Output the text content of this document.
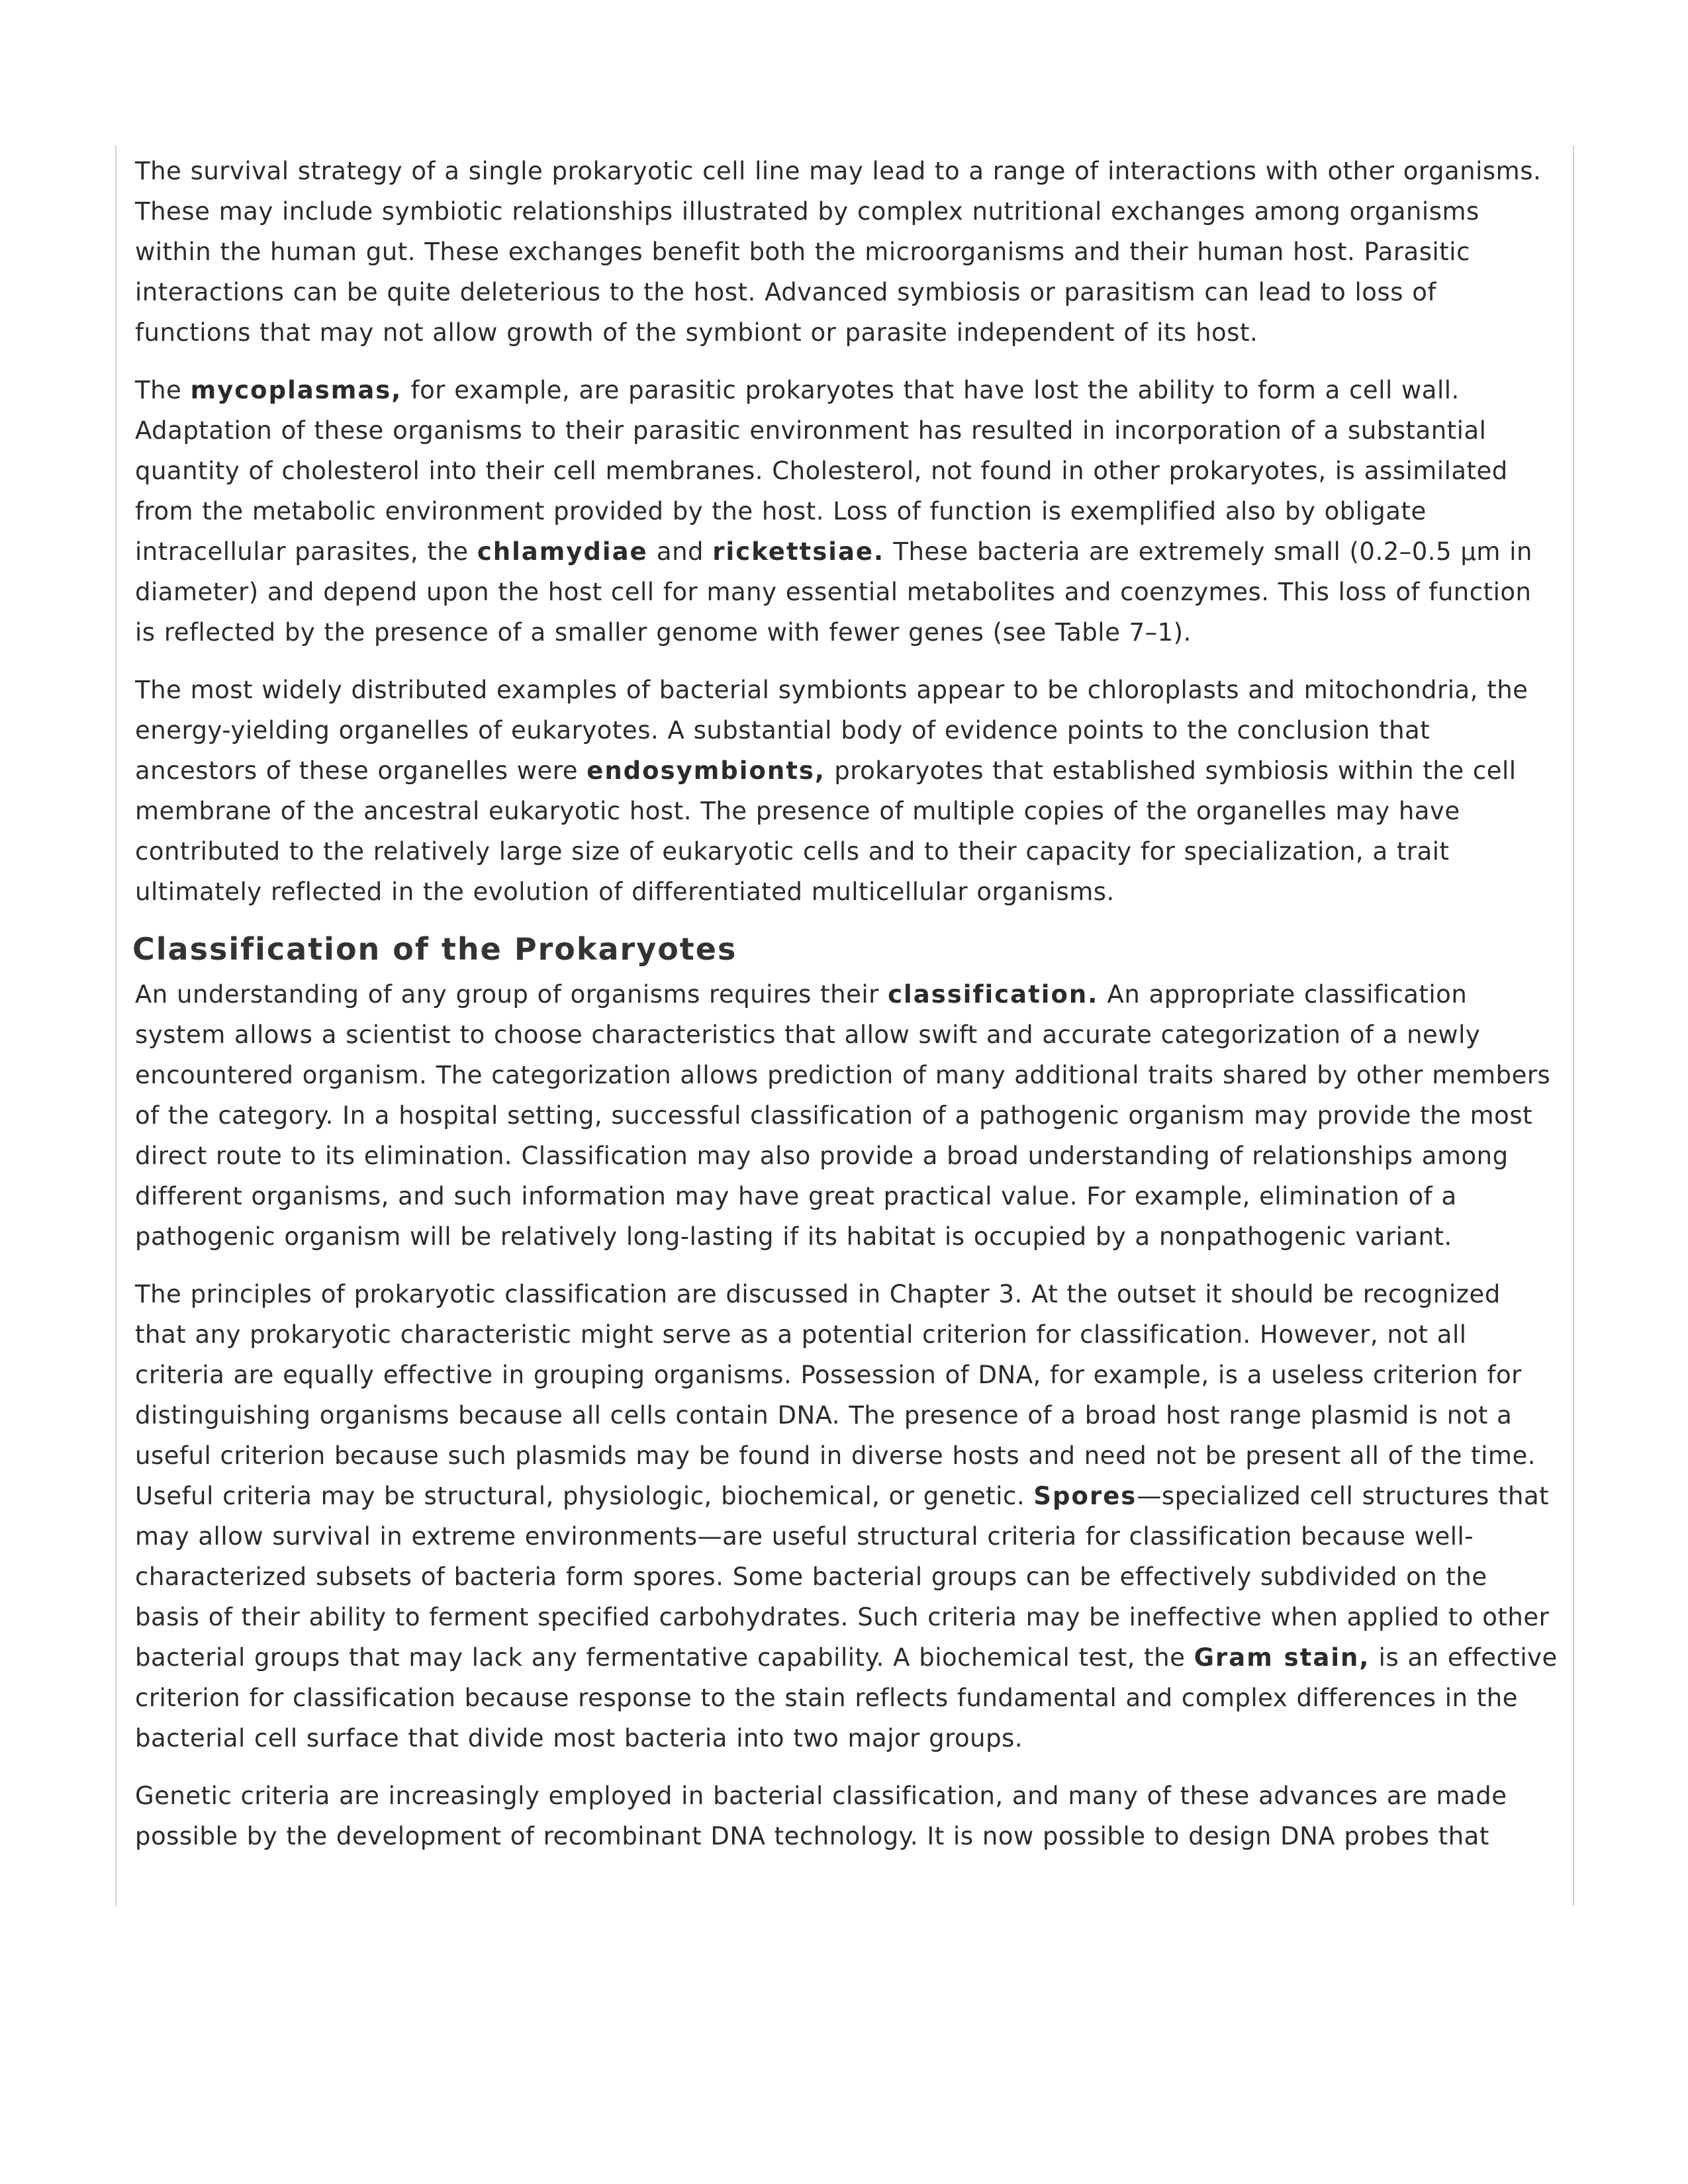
The survival strategy of a single prokaryotic cell line may lead to a range of interactions with other organisms. These may include symbiotic relationships illustrated by complex nutritional exchanges among organisms within the human gut. These exchanges benefit both the microorganisms and their human host. Parasitic interactions can be quite deleterious to the host. Advanced symbiosis or parasitism can lead to loss of functions that may not allow growth of the symbiont or parasite independent of its host.

The mycoplasmas, for example, are parasitic prokaryotes that have lost the ability to form a cell wall. Adaptation of these organisms to their parasitic environment has resulted in incorporation of a substantial quantity of cholesterol into their cell membranes. Cholesterol, not found in other prokaryotes, is assimilated from the metabolic environment provided by the host. Loss of function is exemplified also by obligate intracellular parasites, the chlamydiae and rickettsiae. These bacteria are extremely small (0.2–0.5 µm in diameter) and depend upon the host cell for many essential metabolites and coenzymes. This loss of function is reflected by the presence of a smaller genome with fewer genes (see Table 7–1).

The most widely distributed examples of bacterial symbionts appear to be chloroplasts and mitochondria, the energy-yielding organelles of eukaryotes. A substantial body of evidence points to the conclusion that ancestors of these organelles were endosymbionts, prokaryotes that established symbiosis within the cell membrane of the ancestral eukaryotic host. The presence of multiple copies of the organelles may have contributed to the relatively large size of eukaryotic cells and to their capacity for specialization, a trait ultimately reflected in the evolution of differentiated multicellular organisms.

Classification of the Prokaryotes

An understanding of any group of organisms requires their classification. An appropriate classification system allows a scientist to choose characteristics that allow swift and accurate categorization of a newly encountered organism. The categorization allows prediction of many additional traits shared by other members of the category. In a hospital setting, successful classification of a pathogenic organism may provide the most direct route to its elimination. Classification may also provide a broad understanding of relationships among different organisms, and such information may have great practical value. For example, elimination of a pathogenic organism will be relatively long-lasting if its habitat is occupied by a nonpathogenic variant.

The principles of prokaryotic classification are discussed in Chapter 3. At the outset it should be recognized that any prokaryotic characteristic might serve as a potential criterion for classification. However, not all criteria are equally effective in grouping organisms. Possession of DNA, for example, is a useless criterion for distinguishing organisms because all cells contain DNA. The presence of a broad host range plasmid is not a useful criterion because such plasmids may be found in diverse hosts and need not be present all of the time. Useful criteria may be structural, physiologic, biochemical, or genetic. Spores—specialized cell structures that may allow survival in extreme environments—are useful structural criteria for classification because well-characterized subsets of bacteria form spores. Some bacterial groups can be effectively subdivided on the basis of their ability to ferment specified carbohydrates. Such criteria may be ineffective when applied to other bacterial groups that may lack any fermentative capability. A biochemical test, the Gram stain, is an effective criterion for classification because response to the stain reflects fundamental and complex differences in the bacterial cell surface that divide most bacteria into two major groups.

Genetic criteria are increasingly employed in bacterial classification, and many of these advances are made possible by the development of recombinant DNA technology. It is now possible to design DNA probes that
